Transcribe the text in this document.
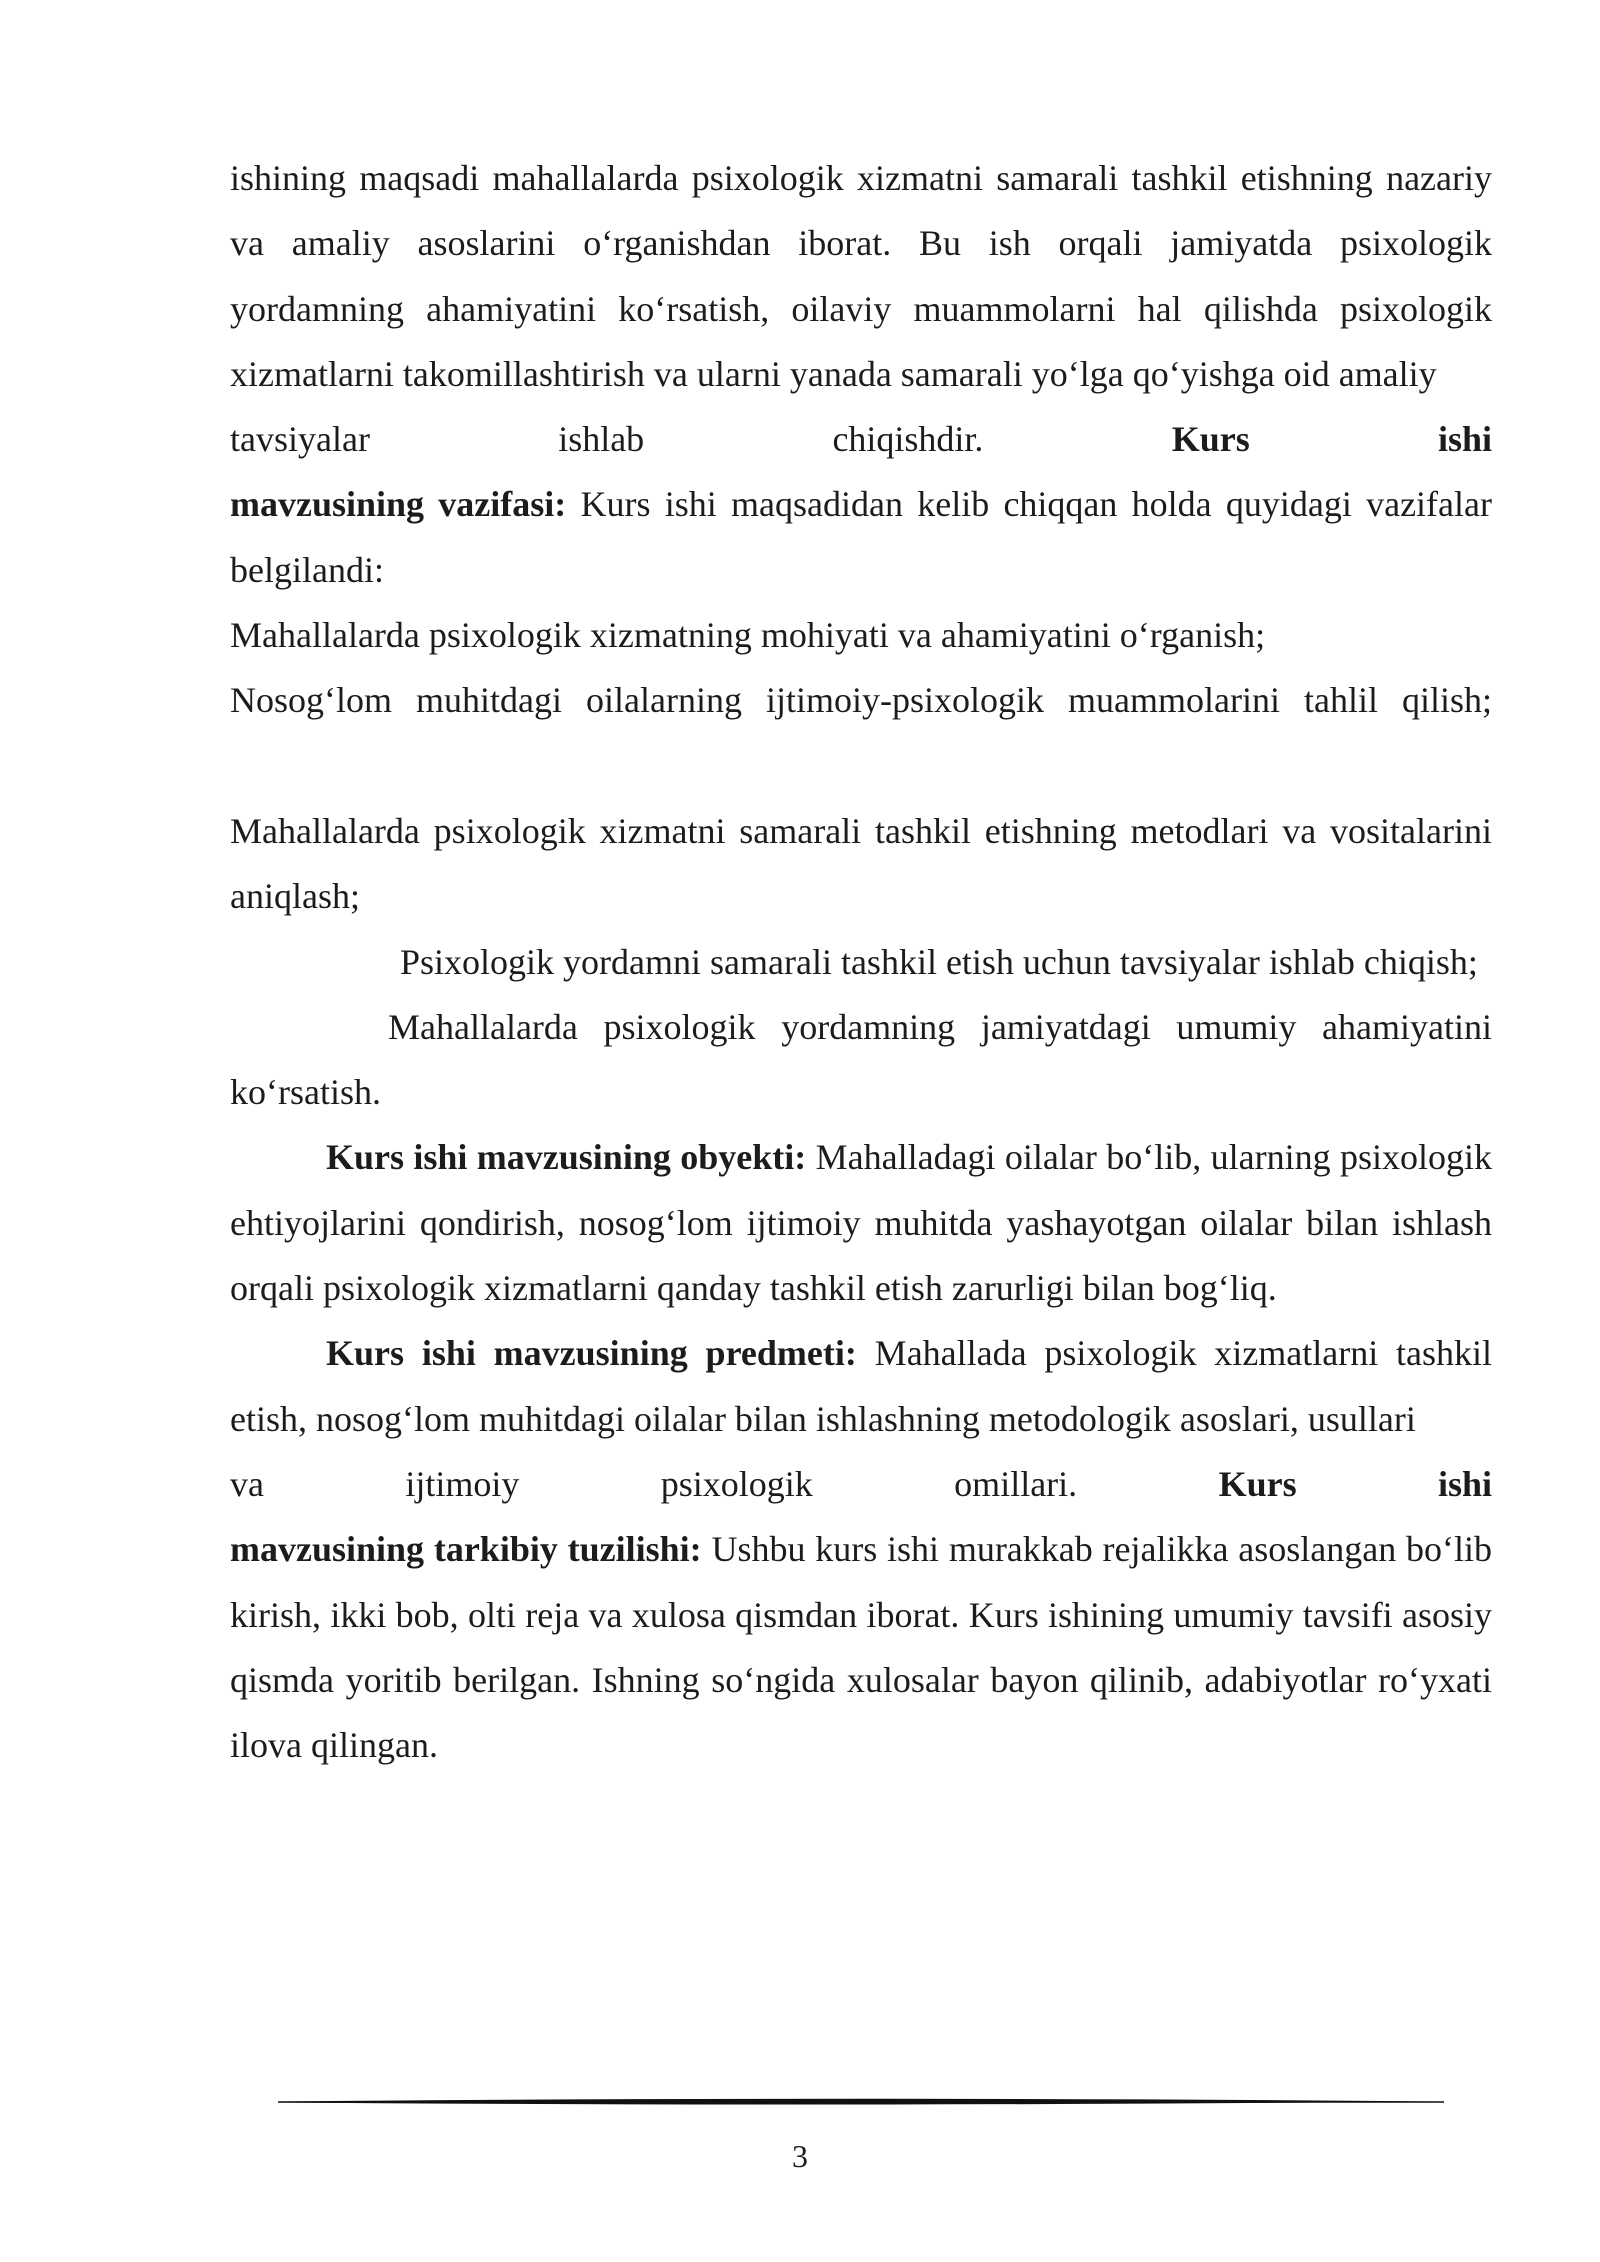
ishining maqsadi mahallalarda psixologik xizmatni samarali tashkil etishning nazariy va amaliy asoslarini o‘rganishdan iborat. Bu ish orqali jamiyatda psixologik yordamning ahamiyatini ko‘rsatish, oilaviy muammolarni hal qilishda psixologik xizmatlarni takomillashtirish va ularni yanada samarali yo‘lga qo‘yishga oid amaliy

tavsiyalar ishlab chiqishdir.	Kurs ishi

mavzusining vazifasi: Kurs ishi maqsadidan kelib chiqqan holda quyidagi vazifalar belgilandi:

Mahallalarda psixologik xizmatning mohiyati va ahamiyatini o‘rganish;

Nosog‘lom muhitdagi oilalarning ijtimoiy-psixologik muammolarini tahlil qilish;

Mahallalarda psixologik xizmatni samarali tashkil etishning metodlari va vositalarini aniqlash;

Psixologik yordamni samarali tashkil etish uchun tavsiyalar ishlab chiqish;

Mahallalarda psixologik yordamning jamiyatdagi umumiy ahamiyatini ko‘rsatish.

Kurs ishi mavzusining obyekti: Mahalladagi oilalar bo‘lib, ularning psixologik ehtiyojlarini qondirish, nosog‘lom ijtimoiy muhitda yashayotgan oilalar bilan ishlash orqali psixologik xizmatlarni qanday tashkil etish zarurligi bilan bog‘liq.

Kurs ishi mavzusining predmeti: Mahallada psixologik xizmatlarni tashkil etish, nosog‘lom muhitdagi oilalar bilan ishlashning metodologik asoslari, usullari

va ijtimoiy psixologik omillari.	Kurs ishi

mavzusining tarkibiy tuzilishi: Ushbu kurs ishi murakkab rejalikka asoslangan bo‘lib kirish, ikki bob, olti reja va xulosa qismdan iborat. Kurs ishining umumiy tavsifi asosiy qismda yoritib berilgan. Ishning so‘ngida xulosalar bayon qilinib, adabiyotlar ro‘yxati ilova qilingan.

3
